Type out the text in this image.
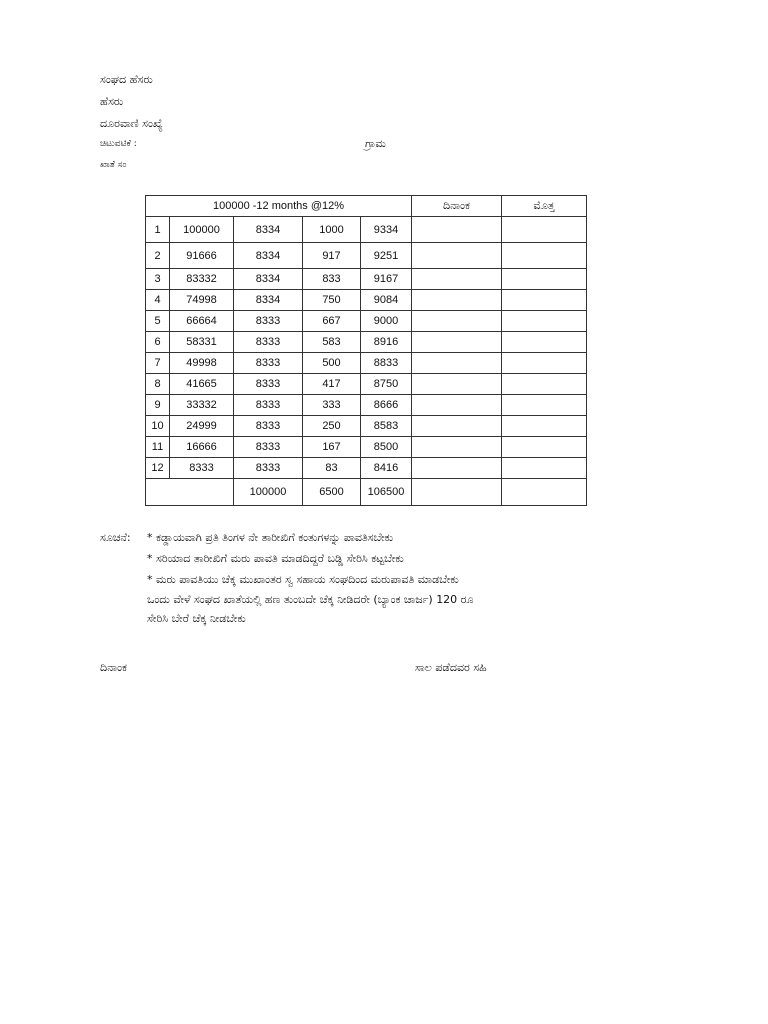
ಸಂಘದ ಹೆಸರು
ಹೆಸರು
ದೂರವಾಣಿ ಸಂಖ್ಯೆ
ಚಿಟುವಟಿಕೆ :	ಗ್ರಾಮ
ಖಾತೆ ಸಂ
100000 -12 months @12%					ದಿನಾಂಕ	ಮೊತ್ತ
1	100000	8334	1000	9334		
2	91666	8334	917	9251		
3	83332	8334	833	9167		
4	74998	8334	750	9084		
5	66664	8333	667	9000		
6	58331	8333	583	8916		
7	49998	8333	500	8833		
8	41665	8333	417	8750		
9	33332	8333	333	8666		
10	24999	8333	250	8583		
11	16666	8333	167	8500		
12	8333	8333	83	8416		
		100000	6500	106500		
ಸೂಚನೆ: * ಕಡ್ಡಾಯವಾಗಿ ಪ್ರತಿ ತಿಂಗಳ ನೇ ತಾರೀಖಿಗೆ ಕಂತುಗಳನ್ನು ಪಾವತಿಸಬೇಕು
* ಸರಿಯಾದ ತಾರೀಖಿಗೆ ಮರು ಪಾವತಿ ಮಾಡದಿದ್ದರೆ ಬಡ್ಡಿ ಸೇರಿಸಿ ಕಟ್ಟಬೇಕು
* ಮರು ಪಾವತಿಯು ಚೆಕ್ಕ ಮುಖಾಂತರ ಸ್ವ ಸಹಾಯ ಸಂಘದಿಂದ ಮರುಪಾವತಿ ಮಾಡಬೇಕು
ಒಂದು ವೇಳೆ ಸಂಘದ ಖಾತೆಯಲ್ಲಿ ಹಣ ತುಂಬದೇ ಚೆಕ್ಕ ನೀಡಿದರೇ (ಬ್ಯಾಂಕ ಚಾರ್ಜ) 120 ರೂ
ಸೇರಿಸಿ ಬೇರೆ ಚೆಕ್ಕ ನೀಡಬೇಕು
ದಿನಾಂಕ	ಸಾಲ ಪಡೆದವರ ಸಹಿ
